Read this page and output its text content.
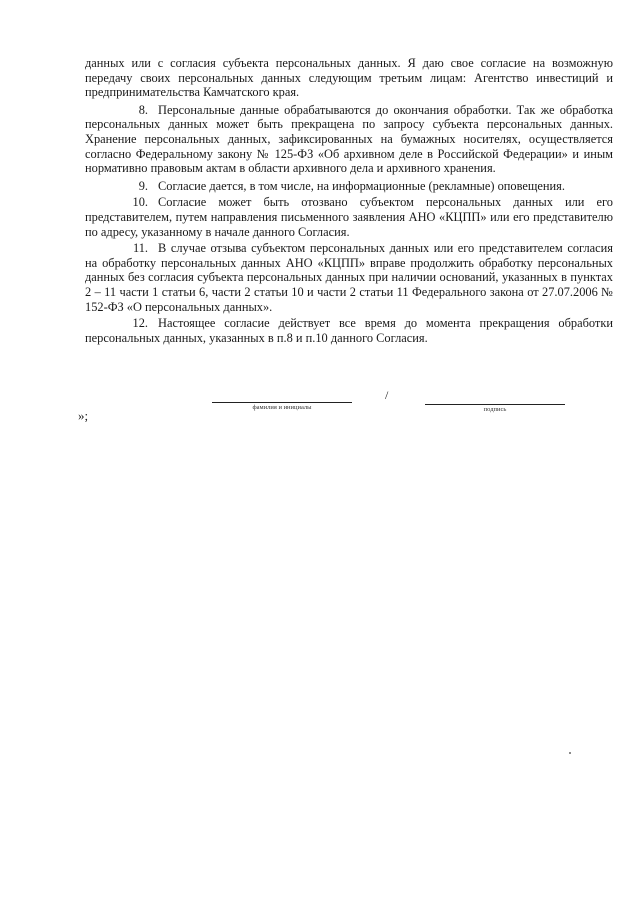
данных или с согласия субъекта персональных данных. Я даю свое согласие на возможную передачу своих персональных данных следующим третьим лицам: Агентство инвестиций и предпринимательства Камчатского края.

8. Персональные данные обрабатываются до окончания обработки. Так же обработка персональных данных может быть прекращена по запросу субъекта персональных данных. Хранение персональных данных, зафиксированных на бумажных носителях, осуществляется согласно Федеральному закону № 125-ФЗ «Об архивном деле в Российской Федерации» и иным нормативно правовым актам в области архивного дела и архивного хранения.

9. Согласие дается, в том числе, на информационные (рекламные) оповещения.

10. Согласие может быть отозвано субъектом персональных данных или его представителем, путем направления письменного заявления АНО «КЦПП» или его представителю по адресу, указанному в начале данного Согласия.

11. В случае отзыва субъектом персональных данных или его представителем согласия на обработку персональных данных АНО «КЦПП» вправе продолжить обработку персональных данных без согласия субъекта персональных данных при наличии оснований, указанных в пунктах 2 – 11 части 1 статьи 6, части 2 статьи 10 и части 2 статьи 11 Федерального закона от 27.07.2006 № 152-ФЗ «О персональных данных».

12. Настоящее согласие действует все время до момента прекращения обработки персональных данных, указанных в п.8 и п.10 данного Согласия.

фамилия и инициалы
/
подпись
»;
